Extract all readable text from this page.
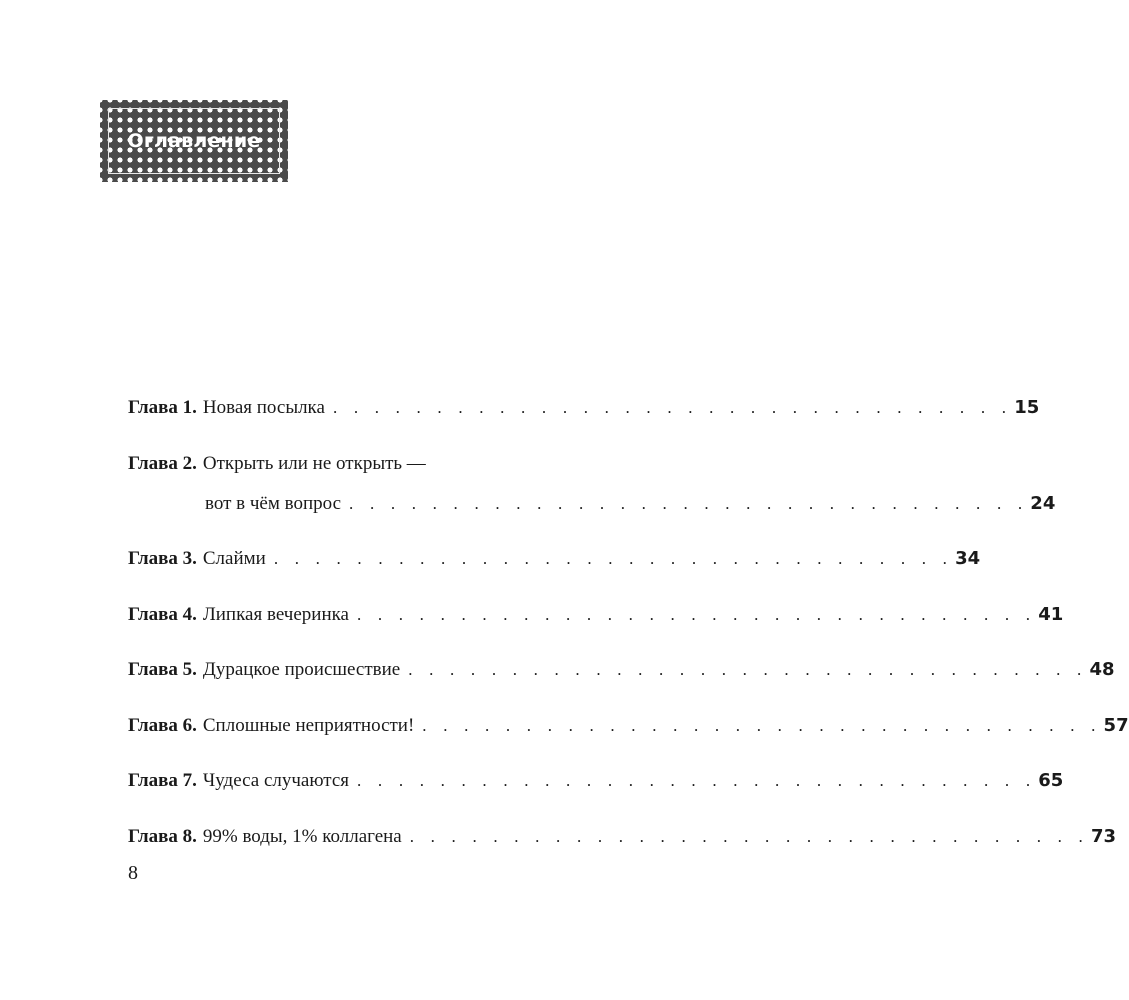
Оглавление
Глава 1. Новая посылка . . . . . . . . . . . . . . . . . . . . . . . . . . . . . . . . . 15
Глава 2. Открыть или не открыть —
вот в чём вопрос . . . . . . . . . . . . . . . . . . . . . . . . . . . . . . . . . 24
Глава 3. Слайми . . . . . . . . . . . . . . . . . . . . . . . . . . . . . . . . . 34
Глава 4. Липкая вечеринка . . . . . . . . . . . . . . . . . . . . . . . . . . . . . . . . . 41
Глава 5. Дурацкое происшествие . . . . . . . . . . . . . . . . . . . . . . . . . . . . . . . . . 48
Глава 6. Сплошные неприятности! . . . . . . . . . . . . . . . . . . . . . . . . . . . . . . . . . 57
Глава 7. Чудеса случаются . . . . . . . . . . . . . . . . . . . . . . . . . . . . . . . . . 65
Глава 8. 99% воды, 1% коллагена . . . . . . . . . . . . . . . . . . . . . . . . . . . . . . . . . 73
8
